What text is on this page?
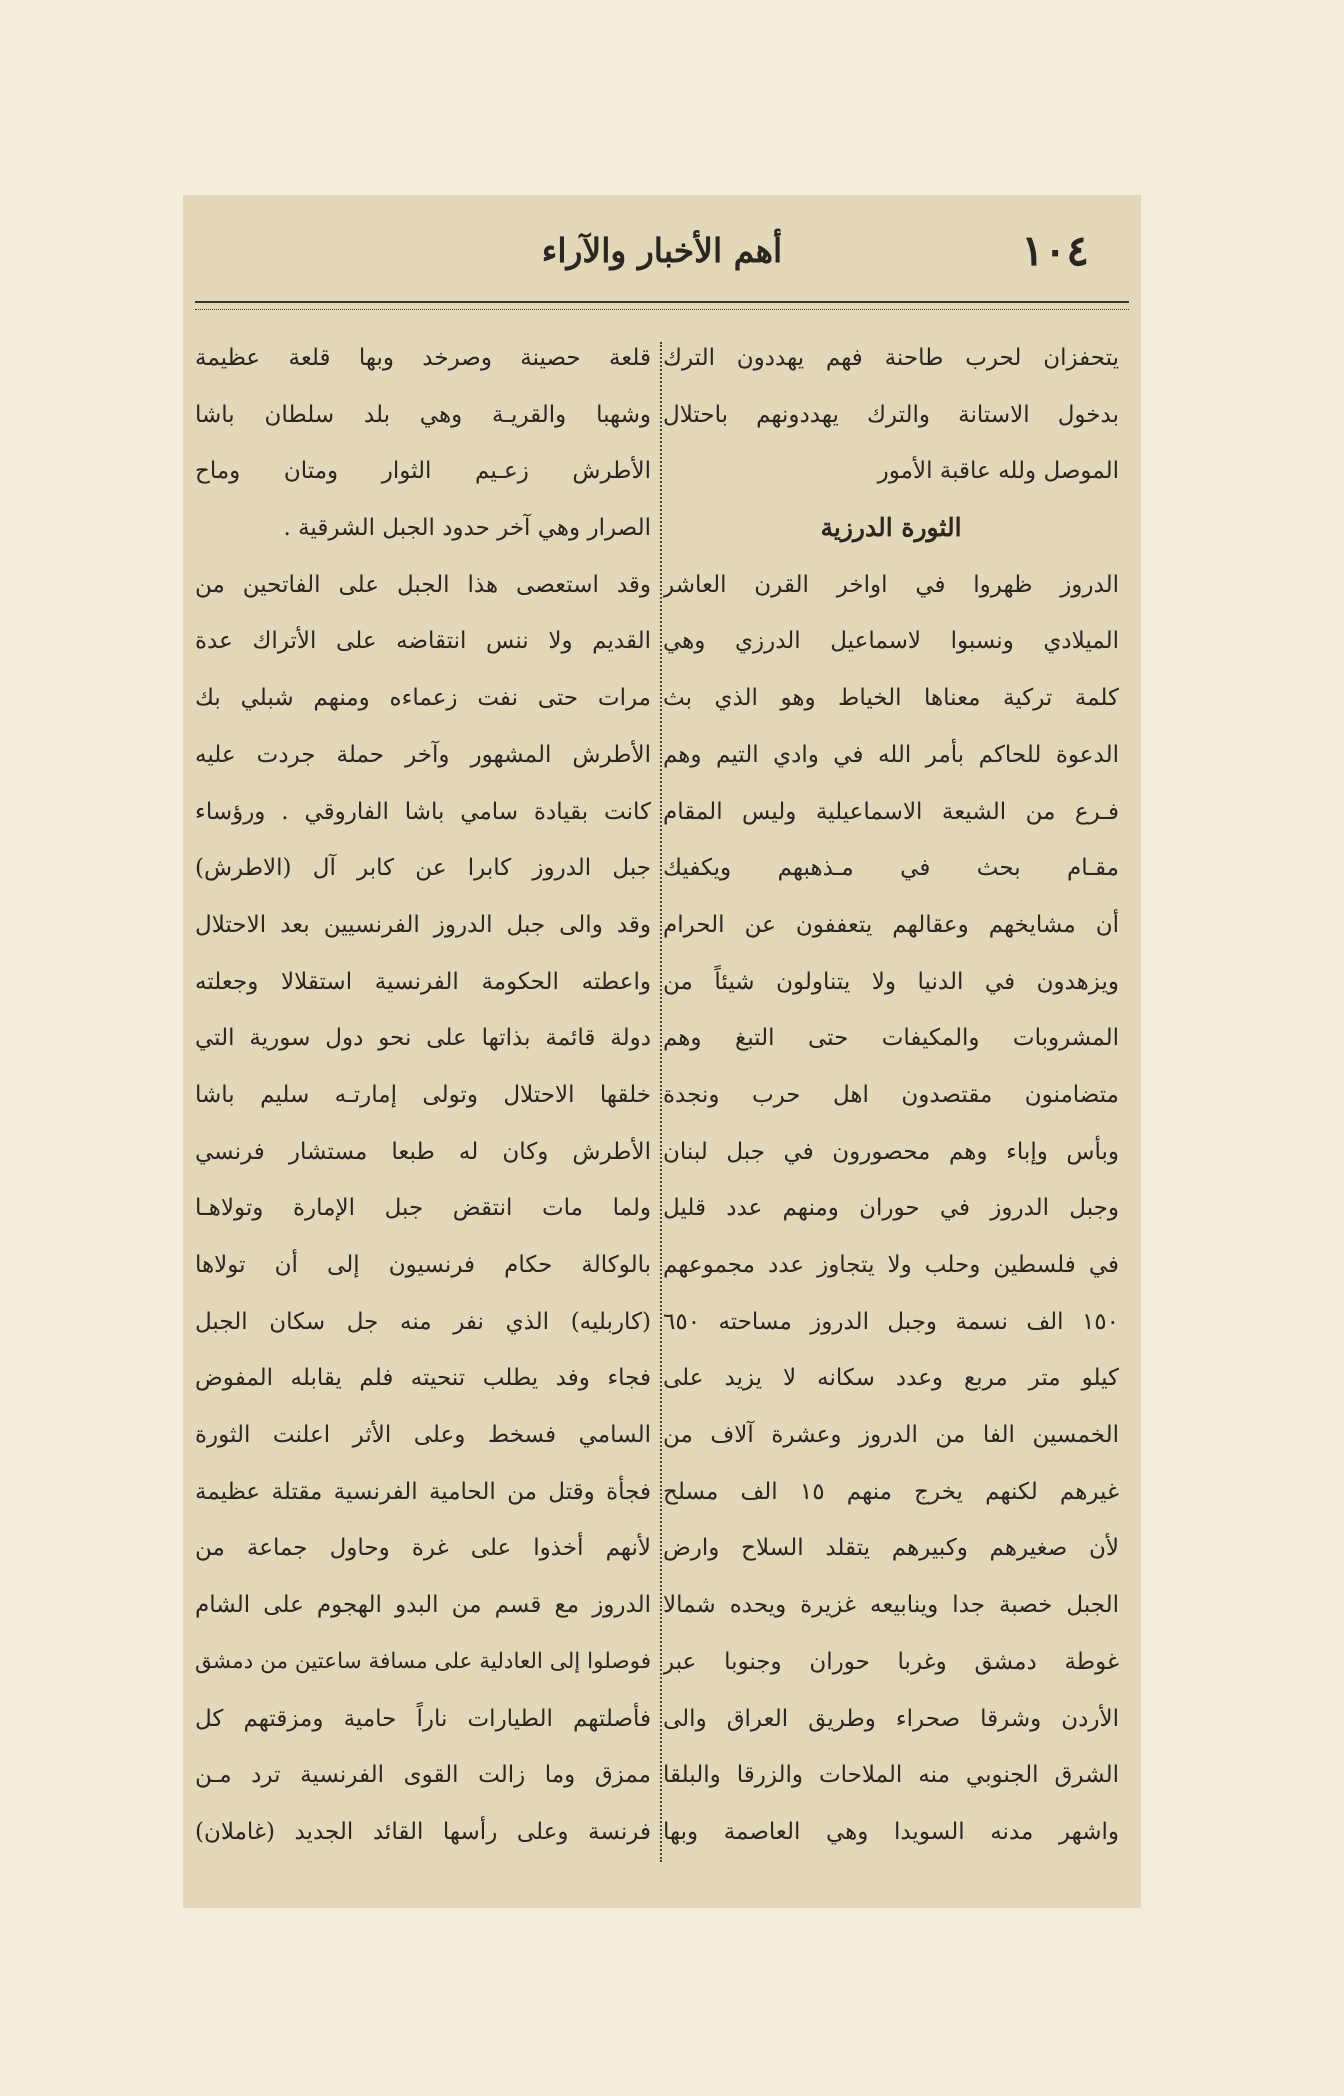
١٠٤
أهم الأخبار والآراء
يتحفزان لحرب طاحنة فهم يهددون الترك
بدخول الاستانة والترك يهددونهم باحتلال
الموصل ولله عاقبة الأمور
الثورة الدرزية
الدروز ظهروا في اواخر القرن العاشر
الميلادي ونسبوا لاسماعيل الدرزي وهي
كلمة تركية معناها الخياط وهو الذي بث
الدعوة للحاكم بأمر الله في وادي التيم وهم
فـرع من الشيعة الاسماعيلية وليس المقام
مقـام بحث في مـذهبهم ويكفيك
أن مشايخهم وعقالهم يتعففون عن الحرام
ويزهدون في الدنيا ولا يتناولون شيئاً من
المشروبات والمكيفات حتى التبغ وهم
متضامنون مقتصدون اهل حرب ونجدة
وبأس وإباء وهم محصورون في جبل لبنان
وجبل الدروز في حوران ومنهم عدد قليل
في فلسطين وحلب ولا يتجاوز عدد مجموعهم
١٥٠ الف نسمة وجبل الدروز مساحته ٦٥٠
كيلو متر مربع وعدد سكانه لا يزيد على
الخمسين الفا من الدروز وعشرة آلاف من
غيرهم لكنهم يخرج منهم ١٥ الف مسلح
لأن صغيرهم وكبيرهم يتقلد السلاح وارض
الجبل خصبة جدا وينابيعه غزيرة ويحده شمالا
غوطة دمشق وغربا حوران وجنوبا عبر
الأردن وشرقا صحراء وطريق العراق والى
الشرق الجنوبي منه الملاحات والزرقا والبلقا
واشهر مدنه السويدا وهي العاصمة وبها
قلعة حصينة وصرخد وبها قلعة عظيمة
وشهبا والقريـة وهي بلد سلطان باشا
الأطرش زعـيم الثوار ومتان وماح
الصرار وهي آخر حدود الجبل الشرقية .
وقد استعصى هذا الجبل على الفاتحين من
القديم ولا ننس انتقاضه على الأتراك عدة
مرات حتى نفت زعماءه ومنهم شبلي بك
الأطرش المشهور وآخر حملة جردت عليه
كانت بقيادة سامي باشا الفاروقي . ورؤساء
جبل الدروز كابرا عن كابر آل (الاطرش)
وقد والى جبل الدروز الفرنسيين بعد الاحتلال
واعطته الحكومة الفرنسية استقلالا وجعلته
دولة قائمة بذاتها على نحو دول سورية التي
خلقها الاحتلال وتولى إمارتـه سليم باشا
الأطرش وكان له طبعا مستشار فرنسي
ولما مات انتقض جبل الإمارة وتولاهـا
بالوكالة حكام فرنسيون إلى أن تولاها
(كاربليه) الذي نفر منه جل سكان الجبل
فجاء وفد يطلب تنحيته فلم يقابله المفوض
السامي فسخط وعلى الأثر اعلنت الثورة
فجأة وقتل من الحامية الفرنسية مقتلة عظيمة
لأنهم أخذوا على غرة وحاول جماعة من
الدروز مع قسم من البدو الهجوم على الشام
فوصلوا إلى العادلية على مسافة ساعتين من دمشق
فأصلتهم الطيارات ناراً حامية ومزقتهم كل
ممزق وما زالت القوى الفرنسية ترد مـن
فرنسة وعلى رأسها القائد الجديد (غاملان)
